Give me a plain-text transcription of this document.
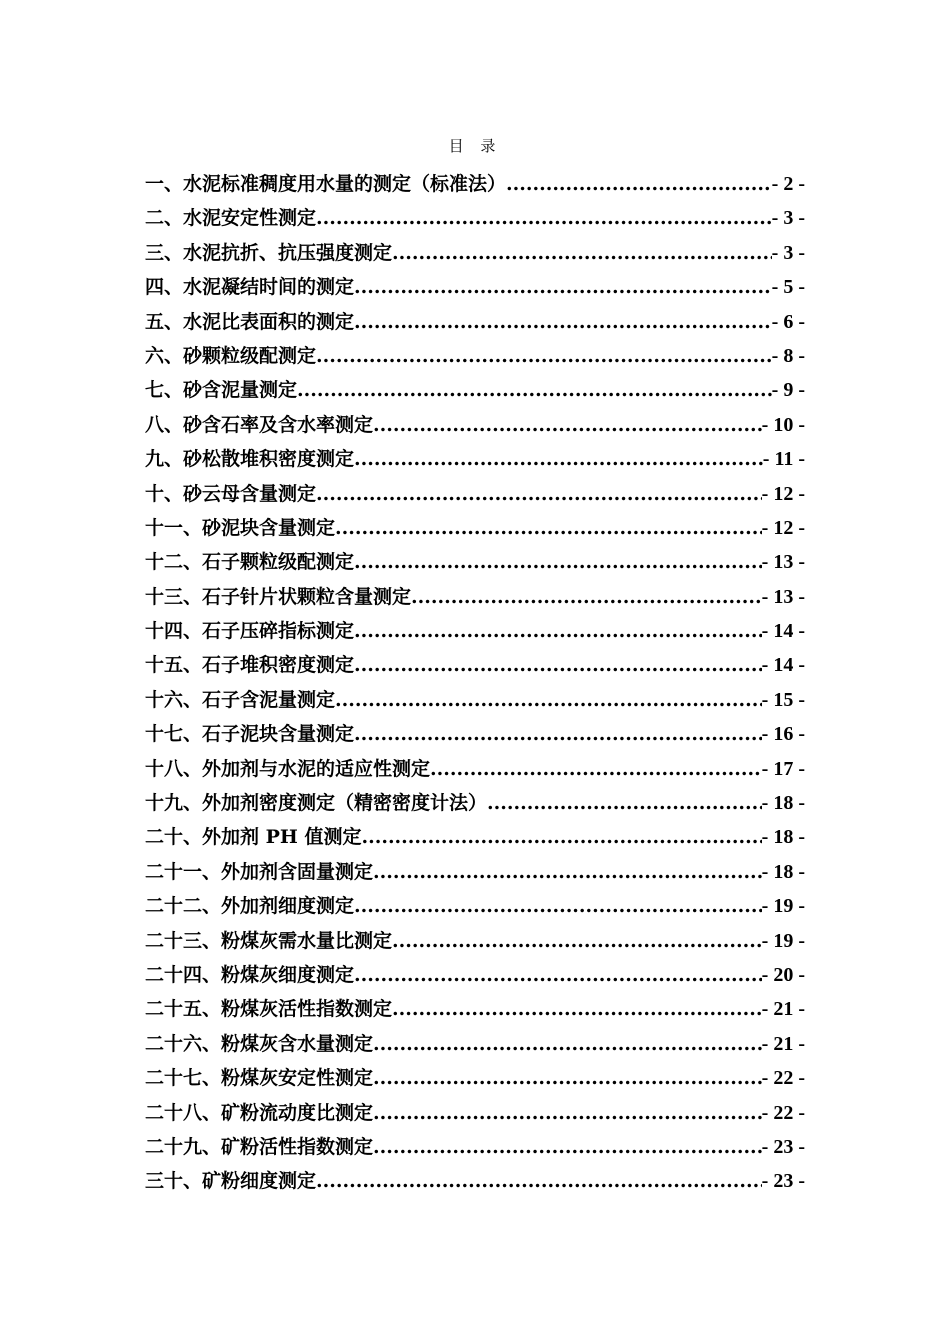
目 录
一、水泥标准稠度用水量的测定（标准法） .....	- 2 -
二、水泥安定性测定 .....	- 3 -
三、水泥抗折、抗压强度测定 .....	- 3 -
四、水泥凝结时间的测定 .....	- 5 -
五、水泥比表面积的测定 .....	- 6 -
六、砂颗粒级配测定 .....	- 8 -
七、砂含泥量测定 .....	- 9 -
八、砂含石率及含水率测定 .....	- 10 -
九、砂松散堆积密度测定 .....	- 11 -
十、砂云母含量测定 .....	- 12 -
十一、砂泥块含量测定 .....	- 12 -
十二、石子颗粒级配测定 .....	- 13 -
十三、石子针片状颗粒含量测定 .....	- 13 -
十四、石子压碎指标测定 .....	- 14 -
十五、石子堆积密度测定 .....	- 14 -
十六、石子含泥量测定 .....	- 15 -
十七、石子泥块含量测定 .....	- 16 -
十八、外加剂与水泥的适应性测定 .....	- 17 -
十九、外加剂密度测定（精密密度计法） .....	- 18 -
二十、外加剂 PH 值测定 .....	- 18 -
二十一、外加剂含固量测定 .....	- 18 -
二十二、外加剂细度测定 .....	- 19 -
二十三、粉煤灰需水量比测定 .....	- 19 -
二十四、粉煤灰细度测定 .....	- 20 -
二十五、粉煤灰活性指数测定 .....	- 21 -
二十六、粉煤灰含水量测定 .....	- 21 -
二十七、粉煤灰安定性测定 .....	- 22 -
二十八、矿粉流动度比测定 .....	- 22 -
二十九、矿粉活性指数测定 .....	- 23 -
三十、矿粉细度测定 .....	- 23 -
